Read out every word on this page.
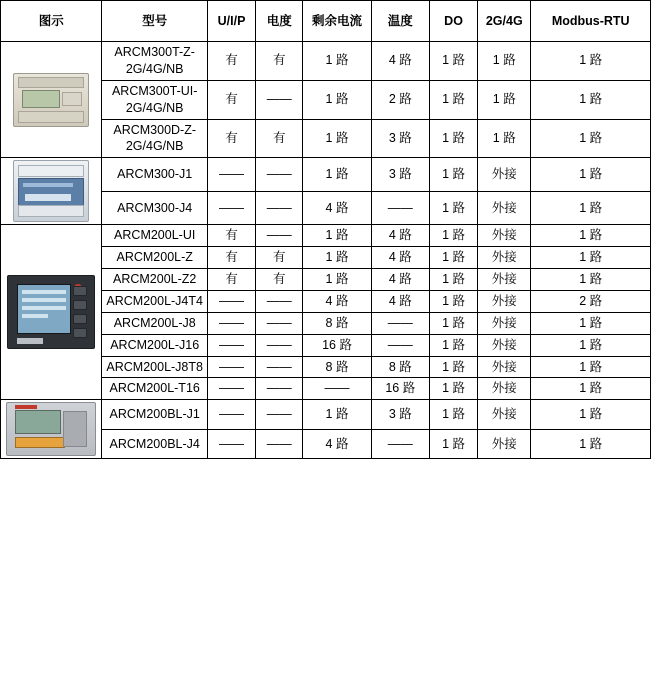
图示	型号	U/I/P	电度	剩余电流	温度	DO	2G/4G	Modbus-RTU

	ARCM300T-Z-2G/4G/NB	有	有	1 路	4 路	1 路	1 路	1 路
	ARCM300T-UI-2G/4G/NB	有	——	1 路	2 路	1 路	1 路	1 路
	ARCM300D-Z-2G/4G/NB	有	有	1 路	3 路	1 路	1 路	1 路

	ARCM300-J1	——	——	1 路	3 路	1 路	外接	1 路
	ARCM300-J4	——	——	4 路	——	1 路	外接	1 路

	ARCM200L-UI	有	——	1 路	4 路	1 路	外接	1 路
	ARCM200L-Z	有	有	1 路	4 路	1 路	外接	1 路
	ARCM200L-Z2	有	有	1 路	4 路	1 路	外接	1 路
	ARCM200L-J4T4	——	——	4 路	4 路	1 路	外接	2 路
	ARCM200L-J8	——	——	8 路	——	1 路	外接	1 路
	ARCM200L-J16	——	——	16 路	——	1 路	外接	1 路
	ARCM200L-J8T8	——	——	8 路	8 路	1 路	外接	1 路
	ARCM200L-T16	——	——	——	16 路	1 路	外接	1 路

	ARCM200BL-J1	——	——	1 路	3 路	1 路	外接	1 路
	ARCM200BL-J4	——	——	4 路	——	1 路	外接	1 路
